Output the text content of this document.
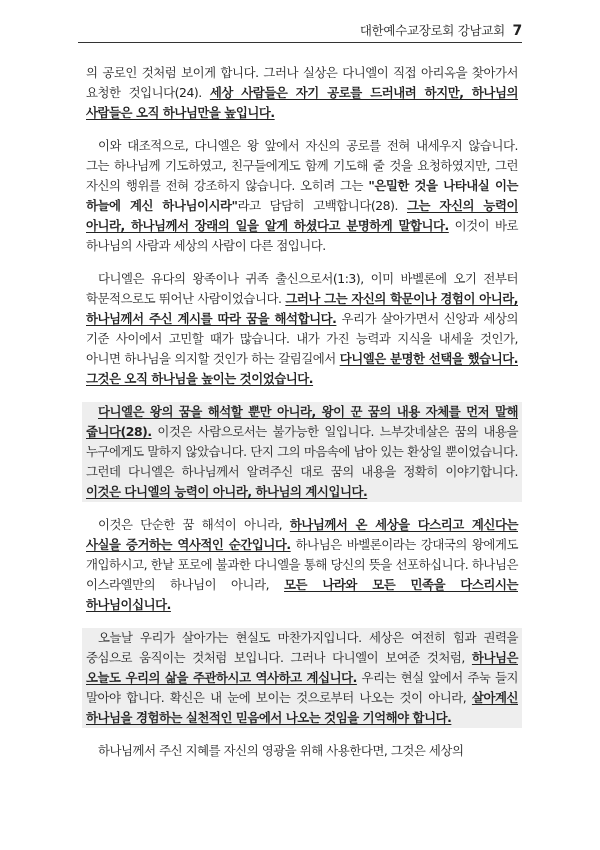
대한예수교장로회 강남교회 7

의 공로인 것처럼 보이게 합니다. 그러나 실상은 다니엘이 직접 아리옥을 찾아가서 요청한 것입니다(24). 세상 사람들은 자기 공로를 드러내려 하지만, 하나님의 사람들은 오직 하나님만을 높입니다.

이와 대조적으로, 다니엘은 왕 앞에서 자신의 공로를 전혀 내세우지 않습니다. 그는 하나님께 기도하였고, 친구들에게도 함께 기도해 줄 것을 요청하였지만, 그런 자신의 행위를 전혀 강조하지 않습니다. 오히려 그는 "은밀한 것을 나타내실 이는 하늘에 계신 하나님이시라"라고 담담히 고백합니다(28). 그는 자신의 능력이 아니라, 하나님께서 장래의 일을 알게 하셨다고 분명하게 말합니다. 이것이 바로 하나님의 사람과 세상의 사람이 다른 점입니다.

다니엘은 유다의 왕족이나 귀족 출신으로서(1:3), 이미 바벨론에 오기 전부터 학문적으로도 뛰어난 사람이었습니다. 그러나 그는 자신의 학문이나 경험이 아니라, 하나님께서 주신 계시를 따라 꿈을 해석합니다. 우리가 살아가면서 신앙과 세상의 기준 사이에서 고민할 때가 많습니다. 내가 가진 능력과 지식을 내세울 것인가, 아니면 하나님을 의지할 것인가 하는 갈림길에서 다니엘은 분명한 선택을 했습니다. 그것은 오직 하나님을 높이는 것이었습니다.

다니엘은 왕의 꿈을 해석할 뿐만 아니라, 왕이 꾼 꿈의 내용 자체를 먼저 말해 줍니다(28). 이것은 사람으로서는 불가능한 일입니다. 느부갓네살은 꿈의 내용을 누구에게도 말하지 않았습니다. 단지 그의 마음속에 남아 있는 환상일 뿐이었습니다. 그런데 다니엘은 하나님께서 알려주신 대로 꿈의 내용을 정확히 이야기합니다. 이것은 다니엘의 능력이 아니라, 하나님의 계시입니다.

이것은 단순한 꿈 해석이 아니라, 하나님께서 온 세상을 다스리고 계신다는 사실을 증거하는 역사적인 순간입니다. 하나님은 바벨론이라는 강대국의 왕에게도 개입하시고, 한낱 포로에 불과한 다니엘을 통해 당신의 뜻을 선포하십니다. 하나님은 이스라엘만의 하나님이 아니라, 모든 나라와 모든 민족을 다스리시는 하나님이십니다.

오늘날 우리가 살아가는 현실도 마찬가지입니다. 세상은 여전히 힘과 권력을 중심으로 움직이는 것처럼 보입니다. 그러나 다니엘이 보여준 것처럼, 하나님은 오늘도 우리의 삶을 주관하시고 역사하고 계십니다. 우리는 현실 앞에서 주눅 들지 말아야 합니다. 확신은 내 눈에 보이는 것으로부터 나오는 것이 아니라, 살아계신 하나님을 경험하는 실천적인 믿음에서 나오는 것임을 기억해야 합니다.

하나님께서 주신 지혜를 자신의 영광을 위해 사용한다면, 그것은 세상의
